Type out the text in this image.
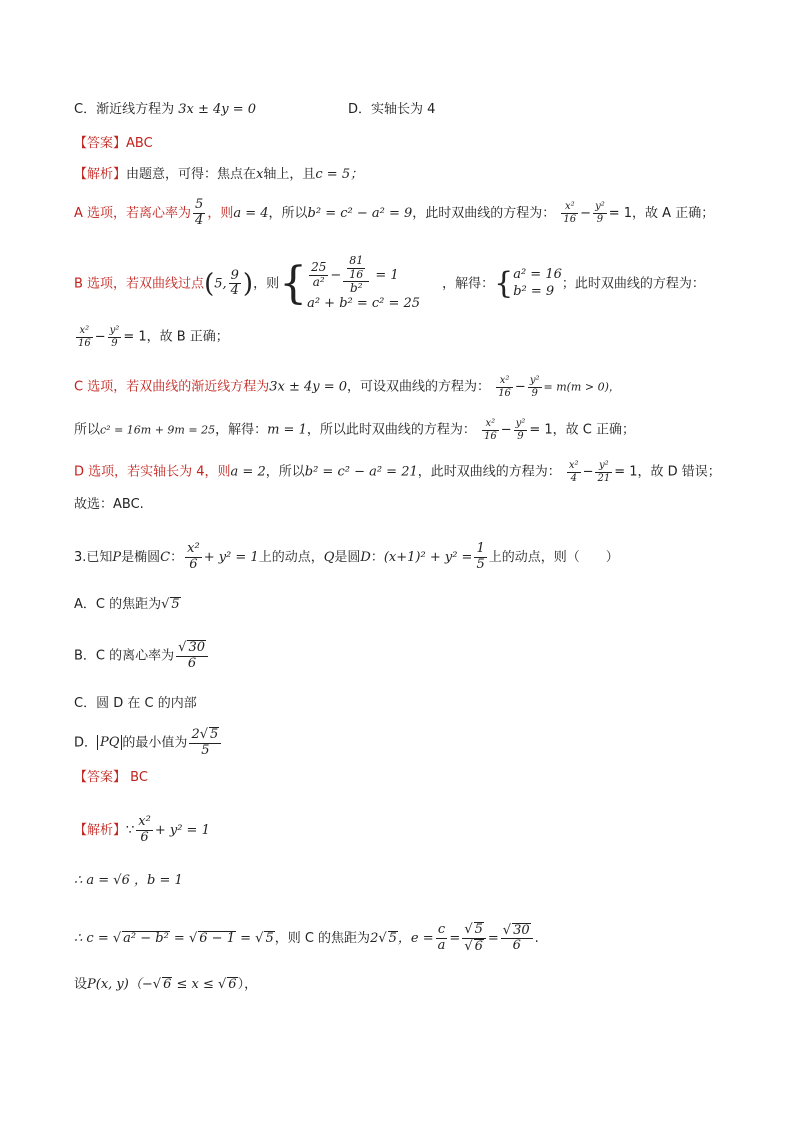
C．渐近线方程为 3x ± 4y = 0	D．实轴长为 4
【答案】ABC
【解析】由题意，可得：焦点在x轴上，且c = 5；
A 选项，若离心率为 $\frac{5}{4}$ ，则a = 4，所以b² = c² − a² = 9，此时双曲线的方程为： $\frac{\text{x²}}{16} - \frac{\text{y²}}{9} = 1$，故 A 正确；
B 选项，若双曲线过点(5, $\frac{9}{4}$ )，则{ $\frac{25}{\text{a²}} - \frac{\frac{81}{16}}{\text{b²}} = 1$
a² + b² = c² = 25
，解得：{ a² = 16
b² = 9 ；此时双曲线的方程为：
$\frac{\text{x²}}{16} - \frac{\text{y²}}{9} = 1$，故 B 正确；
C 选项，若双曲线的渐近线方程为3x ± 4y = 0，可设双曲线的方程为： $\frac{\text{x²}}{16} - \frac{\text{y²}}{9} = m(m > 0)$，
所以c² = 16m + 9m = 25，解得：m = 1，所以此时双曲线的方程为： $\frac{\text{x²}}{16} - \frac{\text{y²}}{9} = 1$，故 C 正确；
D 选项，若实轴长为 4，则a = 2，所以b² = c² − a² = 21，此时双曲线的方程为： $\frac{\text{x²}}{4} - \frac{\text{y²}}{21} = 1$，故 D 错误；
故选：ABC.
3.已知P是椭圆C： $\frac{\text{x²}}{6} + y^2 = 1$上的动点，Q是圆D：$(x+1)^2 + y^2 = \frac{1}{5}$ 上的动点，则（　　）
A．C 的焦距为√ 5
B．C 的离心率为 $\frac{√ 30}{6}$
C．圆 D 在 C 的内部
D． PQ 的最小值为 $\frac{2√ 5}{5}$
【答案】 BC
【解析】∵ $\frac{\text{x²}}{6} + y^2 = 1$
∴ a = √6 ，b = 1
∴ c = √ a² − b² = √ 6 − 1 = √ 5，则 C 的焦距为2√ 5，$e = \frac{c}{a} = \frac{√ 5}{√ 6} = \frac{√ 30}{6}$ .
设P(x, y)（−√ 6 ≤ x ≤ √ 6），
